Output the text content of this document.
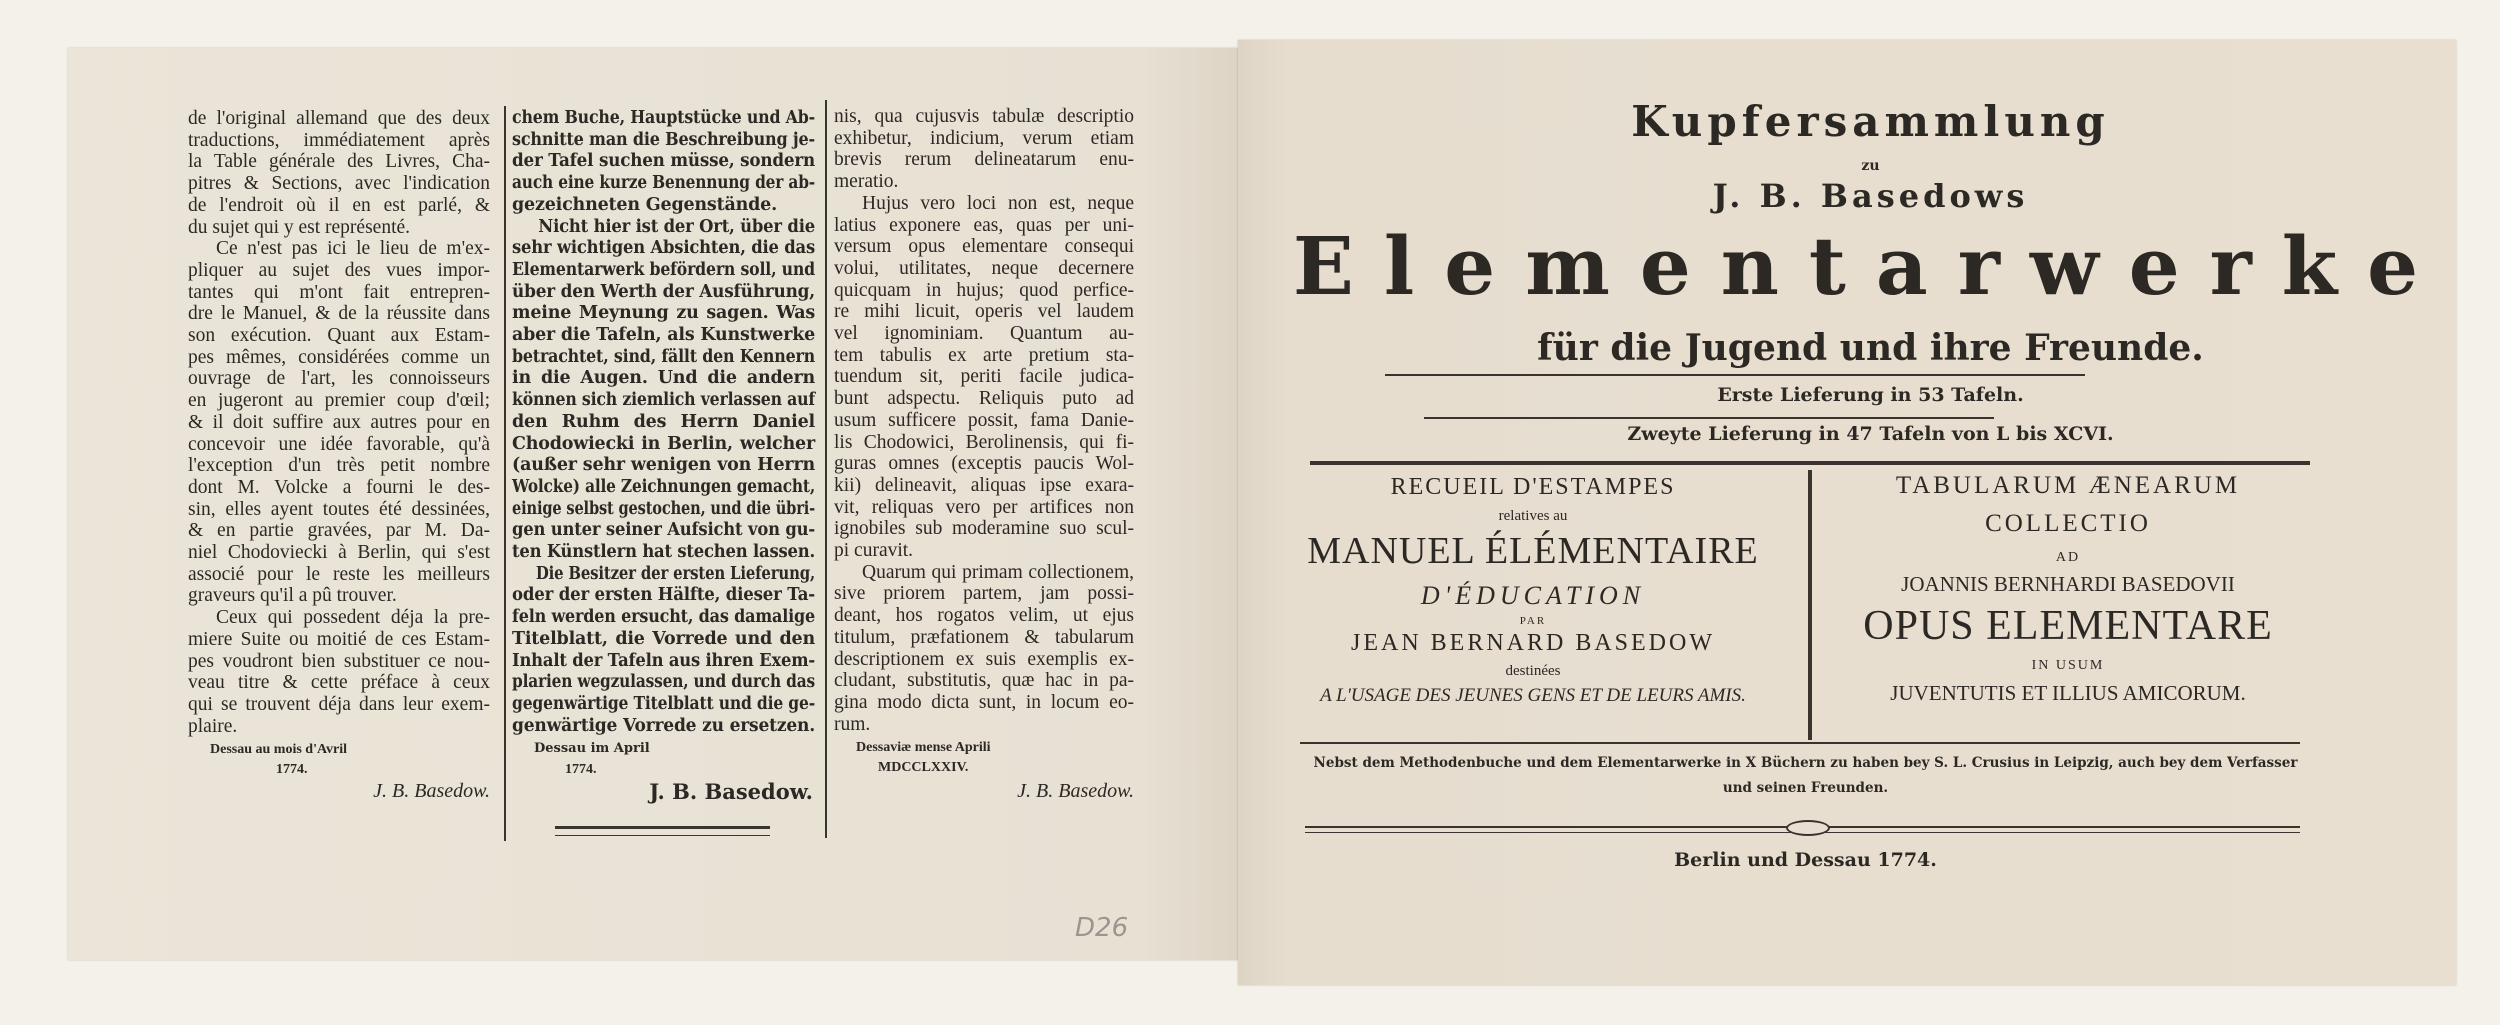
de l'original allemand que des deux
traductions, immédiatement après
la Table générale des Livres, Cha-
pitres & Sections, avec l'indication
de l'endroit où il en est parlé, &
du sujet qui y est représenté.
Ce n'est pas ici le lieu de m'ex-
pliquer au sujet des vues impor-
tantes qui m'ont fait entrepren-
dre le Manuel, & de la réussite dans
son exécution. Quant aux Estam-
pes mêmes, considérées comme un
ouvrage de l'art, les connoisseurs
en jugeront au premier coup d'œil;
& il doit suffire aux autres pour en
concevoir une idée favorable, qu'à
l'exception d'un très petit nombre
dont M. Volcke a fourni le des-
sin, elles ayent toutes été dessinées,
& en partie gravées, par M. Da-
niel Chodoviecki à Berlin, qui s'est
associé pour le reste les meilleurs
graveurs qu'il a pû trouver.
Ceux qui possedent déja la pre-
miere Suite ou moitié de ces Estam-
pes voudront bien substituer ce nou-
veau titre & cette préface à ceux
qui se trouvent déja dans leur exem-
plaire.
chem Buche, Hauptstücke und Ab-
schnitte man die Beschreibung je-
der Tafel suchen müsse, sondern
auch eine kurze Benennung der ab-
gezeichneten Gegenstände.
Nicht hier ist der Ort, über die
sehr wichtigen Absichten, die das
Elementarwerk befördern soll, und
über den Werth der Ausführung,
meine Meynung zu sagen. Was
aber die Tafeln, als Kunstwerke
betrachtet, sind, fällt den Kennern
in die Augen. Und die andern
können sich ziemlich verlassen auf
den Ruhm des Herrn Daniel
Chodowiecki in Berlin, welcher
(außer sehr wenigen von Herrn
Wolcke) alle Zeichnungen gemacht,
einige selbst gestochen, und die übri-
gen unter seiner Aufsicht von gu-
ten Künstlern hat stechen lassen.
Die Besitzer der ersten Lieferung,
oder der ersten Hälfte, dieser Ta-
feln werden ersucht, das damalige
Titelblatt, die Vorrede und den
Inhalt der Tafeln aus ihren Exem-
plarien wegzulassen, und durch das
gegenwärtige Titelblatt und die ge-
genwärtige Vorrede zu ersetzen.
nis, qua cujusvis tabulæ descriptio
exhibetur, indicium, verum etiam
brevis rerum delineatarum enu-
meratio.
Hujus vero loci non est, neque
latius exponere eas, quas per uni-
versum opus elementare consequi
volui, utilitates, neque decernere
quicquam in hujus; quod perfice-
re mihi licuit, operis vel laudem
vel ignominiam. Quantum au-
tem tabulis ex arte pretium sta-
tuendum sit, periti facile judica-
bunt adspectu. Reliquis puto ad
usum sufficere possit, fama Danie-
lis Chodowici, Berolinensis, qui fi-
guras omnes (exceptis paucis Wol-
kii) delineavit, aliquas ipse exara-
vit, reliquas vero per artifices non
ignobiles sub moderamine suo scul-
pi curavit.
Quarum qui primam collectionem,
sive priorem partem, jam possi-
deant, hos rogatos velim, ut ejus
titulum, præfationem & tabularum
descriptionem ex suis exemplis ex-
cludant, substitutis, quæ hac in pa-
gina modo dicta sunt, in locum eo-
rum.
Dessau au mois d'Avril
1774.
J. B. Basedow.
Dessau im April
1774.
J. B. Basedow.
Dessaviæ mense Aprili
MDCCLXXIV.
J. B. Basedow.
D26
Kupfersammlung
zu
J. B. Basedows
Elementarwerke
für die Jugend und ihre Freunde.
Erste Lieferung in 53 Tafeln.
Zweyte Lieferung in 47 Tafeln von L bis XCVI.
RECUEIL D'ESTAMPES
relatives au
MANUEL ÉLÉMENTAIRE
D'ÉDUCATION
PAR
JEAN BERNARD BASEDOW
destinées
A L'USAGE DES JEUNES GENS ET DE LEURS AMIS.
TABULARUM ÆNEARUM
COLLECTIO
AD
JOANNIS BERNHARDI BASEDOVII
OPUS ELEMENTARE
IN USUM
JUVENTUTIS ET ILLIUS AMICORUM.
Nebst dem Methodenbuche und dem Elementarwerke in X Büchern zu haben bey S. L. Crusius in Leipzig, auch bey dem Verfasser
und seinen Freunden.
Berlin und Dessau 1774.
